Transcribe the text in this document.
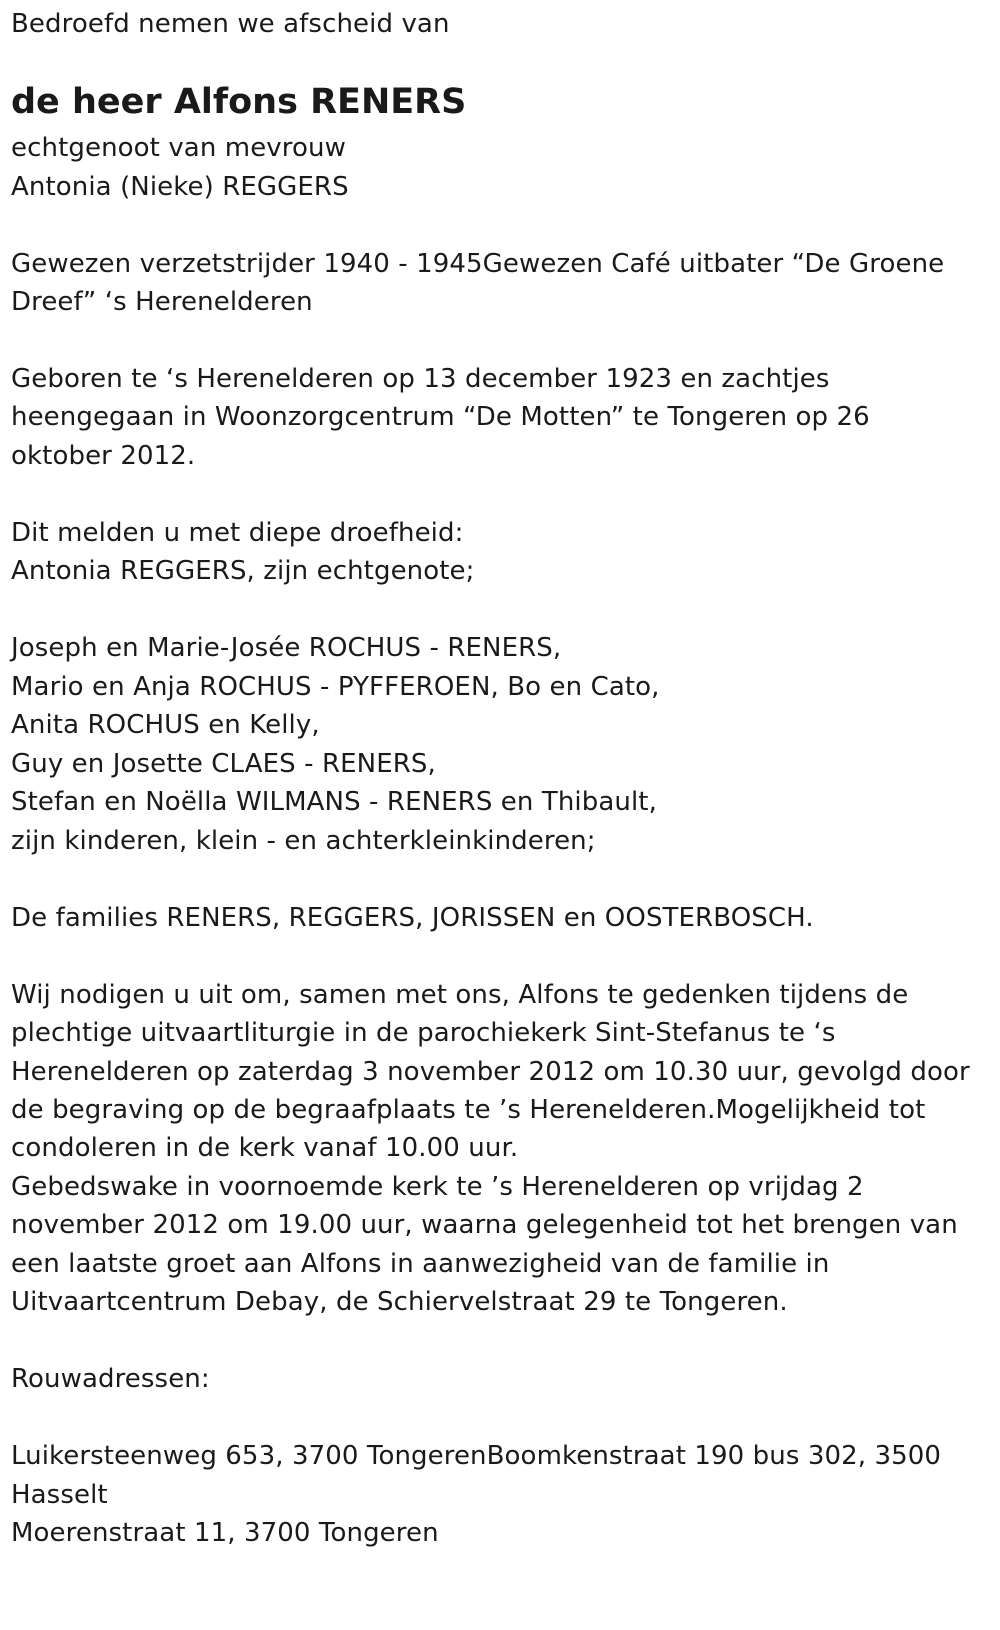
Bedroefd nemen we afscheid van
de heer Alfons RENERS
echtgenoot van mevrouw
Antonia (Nieke) REGGERS
Gewezen verzetstrijder 1940 - 1945Gewezen Café uitbater “De Groene
Dreef” ‘s Herenelderen
Geboren te ‘s Herenelderen op 13 december 1923 en zachtjes
heengegaan in Woonzorgcentrum “De Motten” te Tongeren op 26
oktober 2012.
Dit melden u met diepe droefheid:
Antonia REGGERS, zijn echtgenote;
Joseph en Marie-Josée ROCHUS - RENERS,
Mario en Anja ROCHUS - PYFFEROEN, Bo en Cato,
Anita ROCHUS en Kelly,
Guy en Josette CLAES - RENERS,
Stefan en Noëlla WILMANS - RENERS en Thibault,
zijn kinderen, klein - en achterkleinkinderen;
De families RENERS, REGGERS, JORISSEN en OOSTERBOSCH.
Wij nodigen u uit om, samen met ons, Alfons te gedenken tijdens de
plechtige uitvaartliturgie in de parochiekerk Sint-Stefanus te ‘s
Herenelderen op zaterdag 3 november 2012 om 10.30 uur, gevolgd door
de begraving op de begraafplaats te ’s Herenelderen.Mogelijkheid tot
condoleren in de kerk vanaf 10.00 uur.
Gebedswake in voornoemde kerk te ’s Herenelderen op vrijdag 2
november 2012 om 19.00 uur, waarna gelegenheid tot het brengen van
een laatste groet aan Alfons in aanwezigheid van de familie in
Uitvaartcentrum Debay, de Schiervelstraat 29 te Tongeren.
Rouwadressen:
Luikersteenweg 653, 3700 TongerenBoomkenstraat 190 bus 302, 3500
Hasselt
Moerenstraat 11, 3700 Tongeren
